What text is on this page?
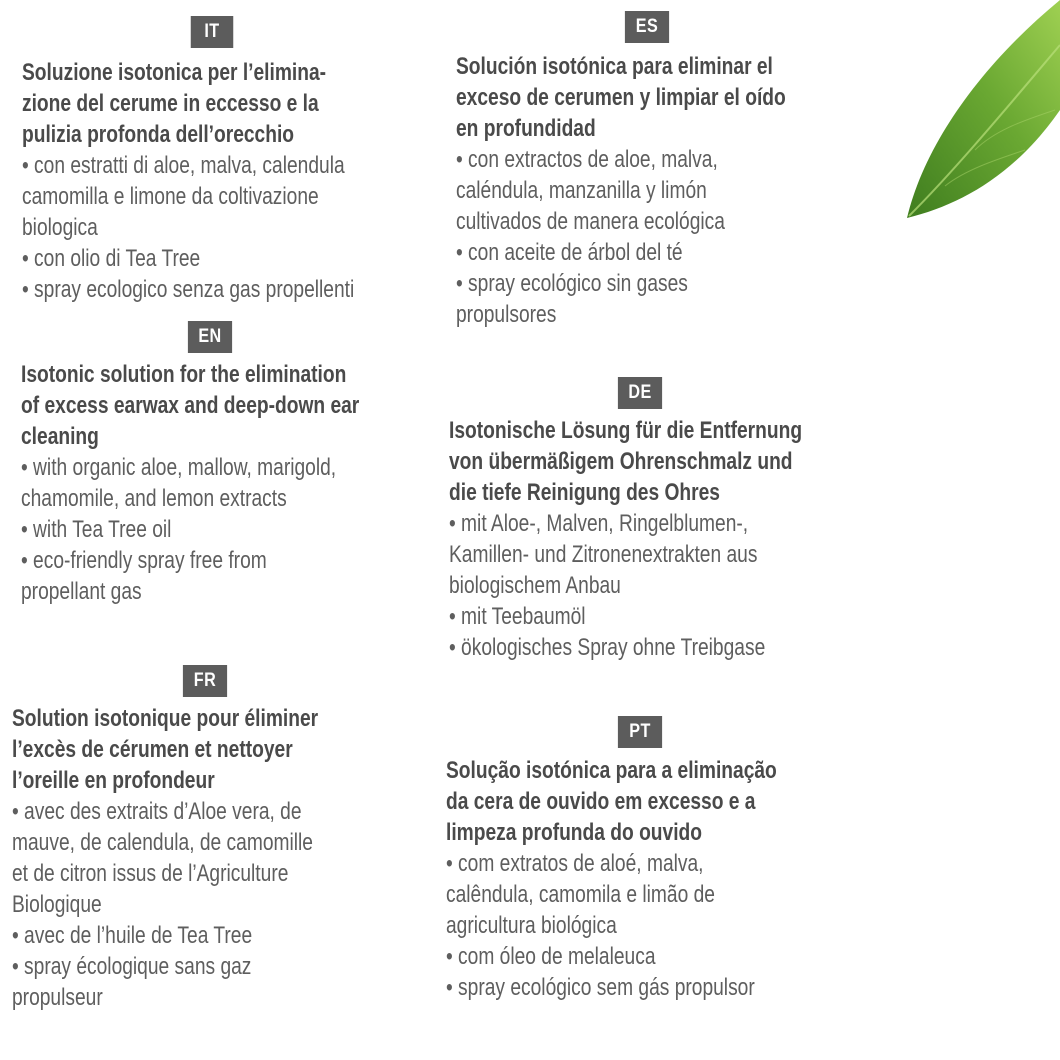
IT

Soluzione isotonica per l’elimina-
zione del cerume in eccesso e la
pulizia profonda dell’orecchio

• con estratti di aloe, malva, calendula
camomilla e limone da coltivazione
biologica
• con olio di Tea Tree
• spray ecologico senza gas propellenti
ES

Solución isotónica para eliminar el
exceso de cerumen y limpiar el oído
en profundidad

• con extractos de aloe, malva,
caléndula, manzanilla y limón
cultivados de manera ecológica
• con aceite de árbol del té
• spray ecológico sin gases
propulsores
EN

Isotonic solution for the elimination
of excess earwax and deep-down ear
cleaning

• with organic aloe, mallow, marigold,
chamomile, and lemon extracts
• with Tea Tree oil
• eco-friendly spray free from
propellant gas
DE

Isotonische Lösung für die Entfernung
von übermäßigem Ohrenschmalz und
die tiefe Reinigung des Ohres

• mit Aloe-, Malven, Ringelblumen-,
Kamillen- und Zitronenextrakten aus
biologischem Anbau
• mit Teebaumöl
• ökologisches Spray ohne Treibgase
FR

Solution isotonique pour éliminer
l’excès de cérumen et nettoyer
l’oreille en profondeur

• avec des extraits d’Aloe vera, de
mauve, de calendula, de camomille
et de citron issus de l’Agriculture
Biologique
• avec de l’huile de Tea Tree
• spray écologique sans gaz
propulseur
PT

Solução isotónica para a eliminação
da cera de ouvido em excesso e a
limpeza profunda do ouvido

• com extratos de aloé, malva,
calêndula, camomila e limão de
agricultura biológica
• com óleo de melaleuca
• spray ecológico sem gás propulsor
